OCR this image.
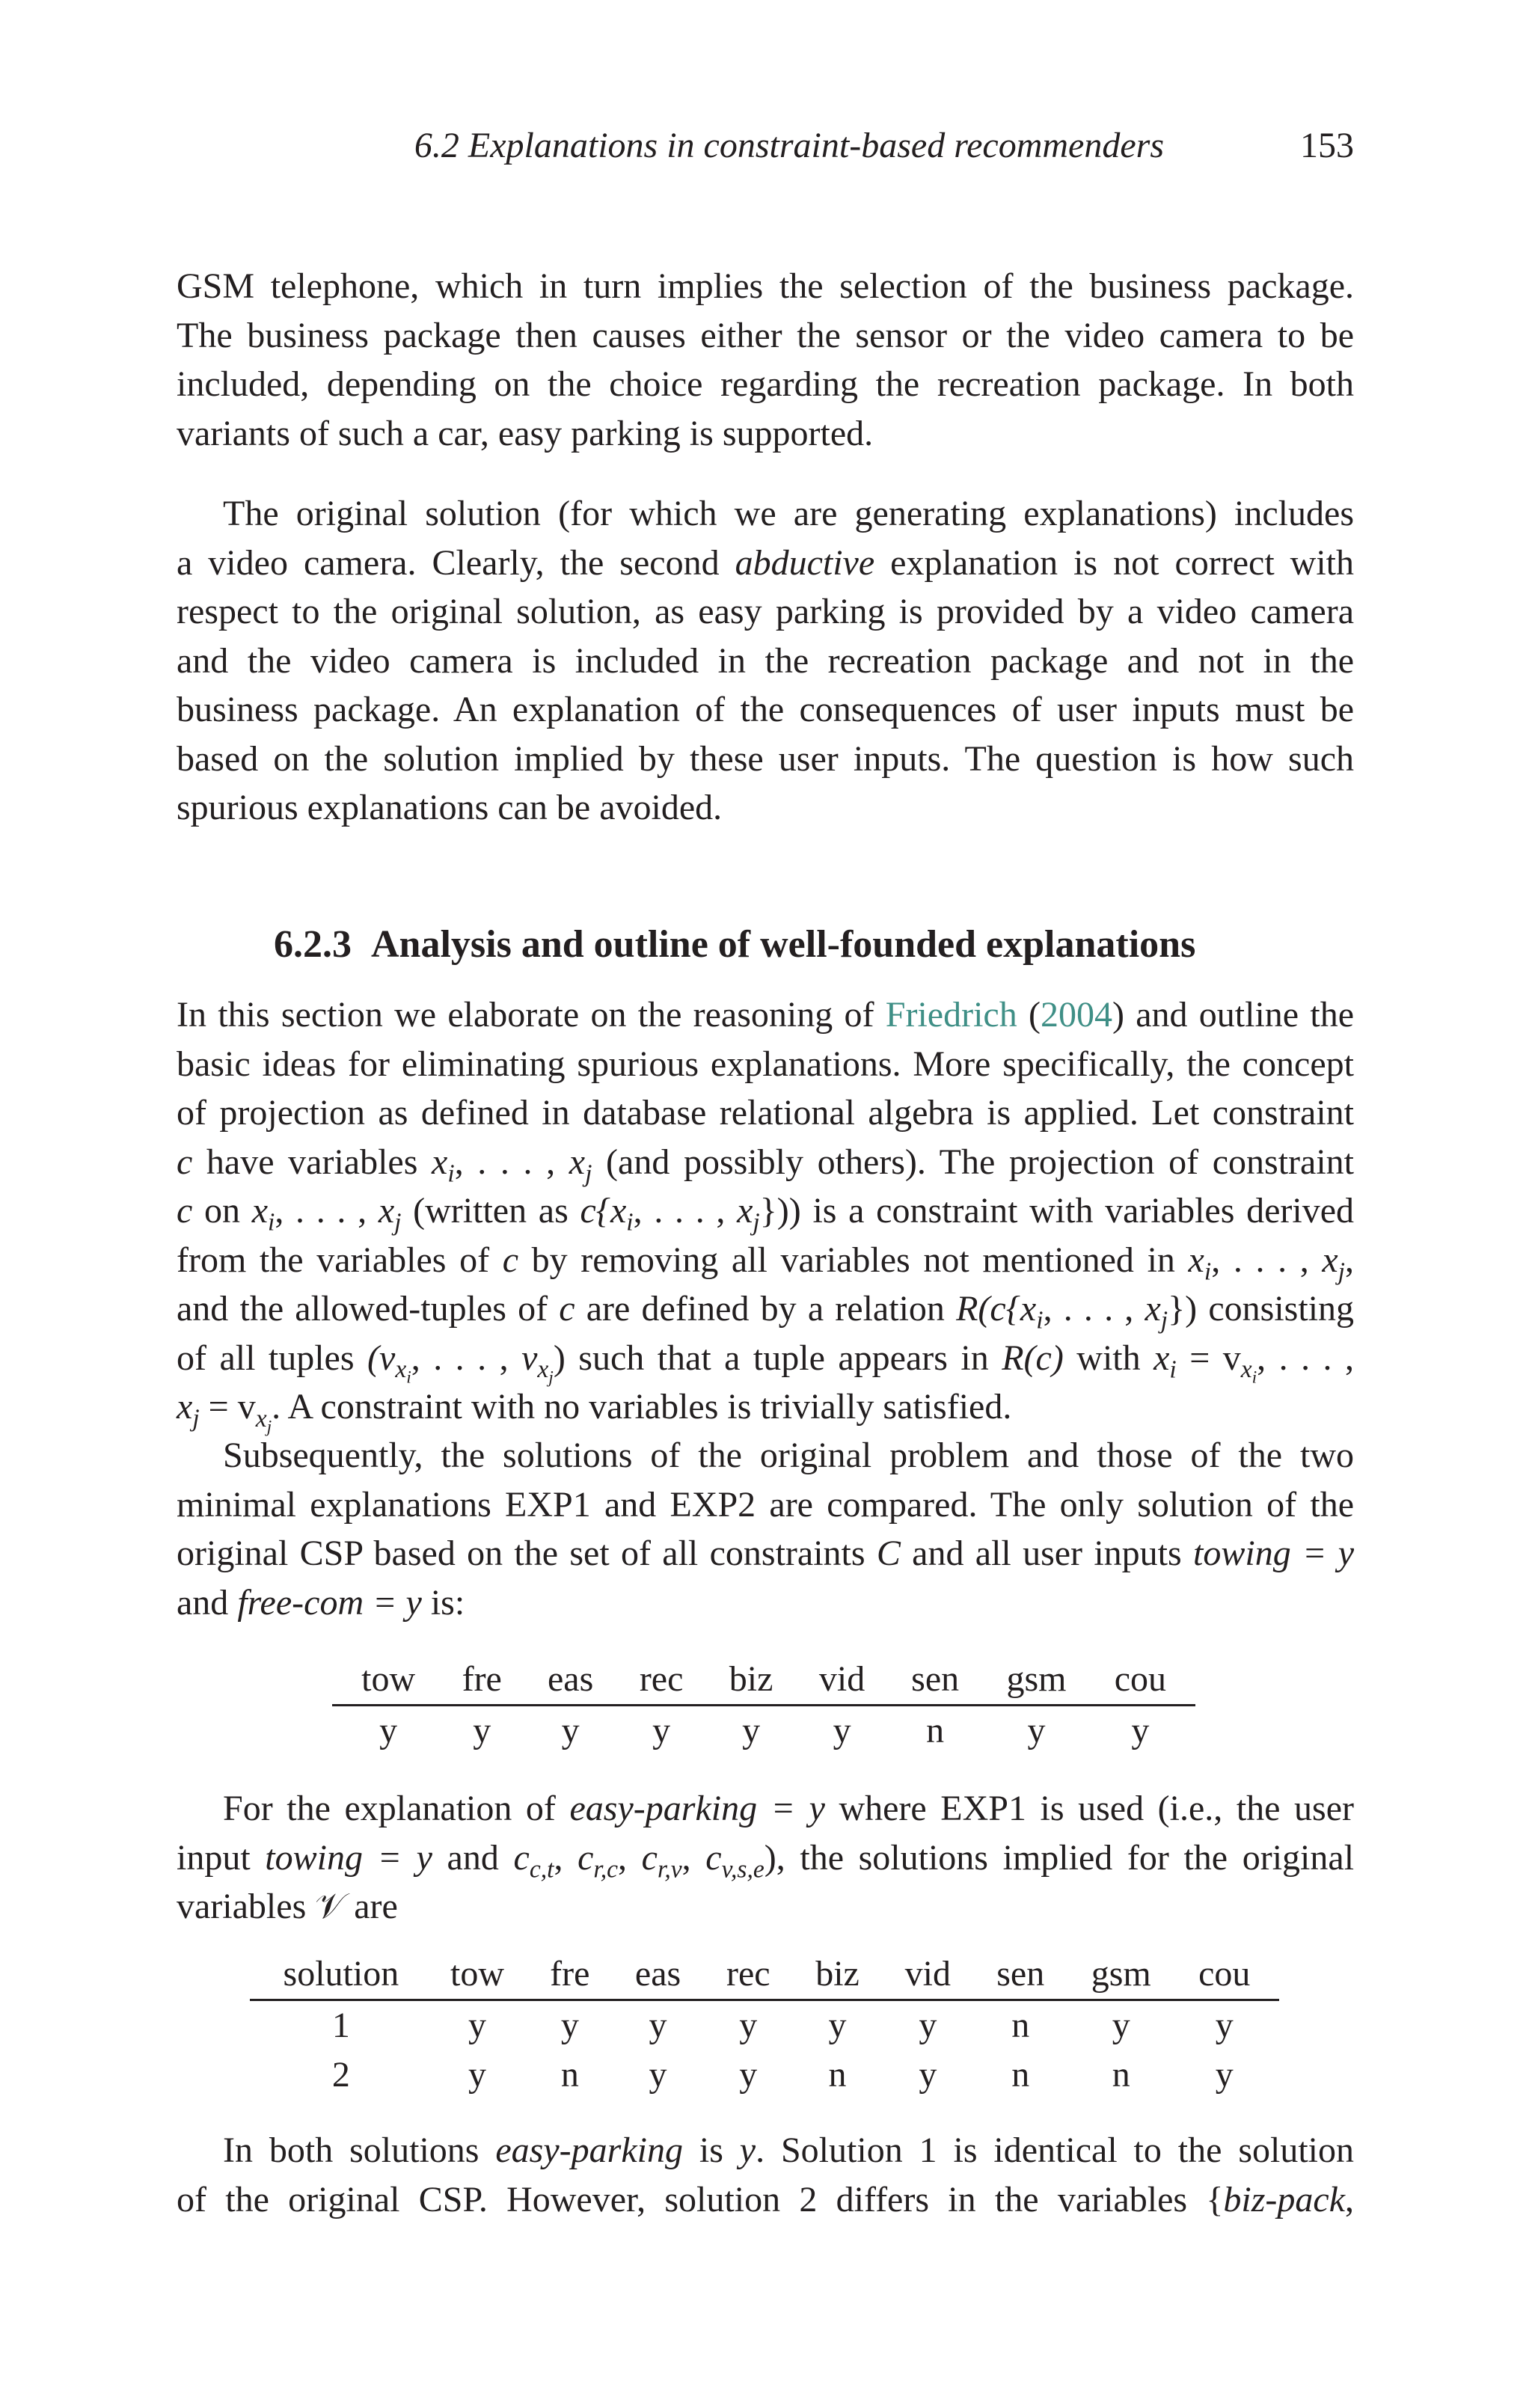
6.2 Explanations in constraint-based recommenders	153

GSM telephone, which in turn implies the selection of the business package.
The business package then causes either the sensor or the video camera to be
included, depending on the choice regarding the recreation package. In both
variants of such a car, easy parking is supported.

The original solution (for which we are generating explanations) includes
a video camera. Clearly, the second abductive explanation is not correct with
respect to the original solution, as easy parking is provided by a video camera
and the video camera is included in the recreation package and not in the
business package. An explanation of the consequences of user inputs must be
based on the solution implied by these user inputs. The question is how such
spurious explanations can be avoided.

6.2.3 Analysis and outline of well-founded explanations

In this section we elaborate on the reasoning of Friedrich (2004) and outline the
basic ideas for eliminating spurious explanations. More specifically, the concept
of projection as defined in database relational algebra is applied. Let constraint
c have variables $x_i$, . . . , $x_j$ (and possibly others). The projection of constraint
c on $x_i$, . . . , $x_j$ (written as $c\{x_i$, . . . , $x_j$})) is a constraint with variables derived
from the variables of c by removing all variables not mentioned in $x_i$, . . . , $x_j$,
and the allowed-tuples of c are defined by a relation $R(c\{x_i$, . . . , $x_j$}) consisting
of all tuples ($v_{x_i}$, . . . , $v_{x_j}$) such that a tuple appears in R(c) with $x_i = v_{x_i}$, . . . ,
$x_j = v_{x_j}$. A constraint with no variables is trivially satisfied.

Subsequently, the solutions of the original problem and those of the two
minimal explanations EXP1 and EXP2 are compared. The only solution of the
original CSP based on the set of all constraints C and all user inputs towing = y
and free-com = y is:

tow	fre	eas	rec	biz	vid	sen	gsm	cou
y	y	y	y	y	y	n	y	y

For the explanation of easy-parking = y where EXP1 is used (i.e., the user
input towing = y and $c_{c,t}$, $c_{r,c}$, $c_{r,v}$, $c_{v,s,e}$), the solutions implied for the original
variables 𝒱 are

solution	tow	fre	eas	rec	biz	vid	sen	gsm	cou
1	y	y	y	y	y	y	n	y	y
2	y	n	y	y	n	y	n	n	y

In both solutions easy-parking is y. Solution 1 is identical to the solution
of the original CSP. However, solution 2 differs in the variables {biz-pack,
